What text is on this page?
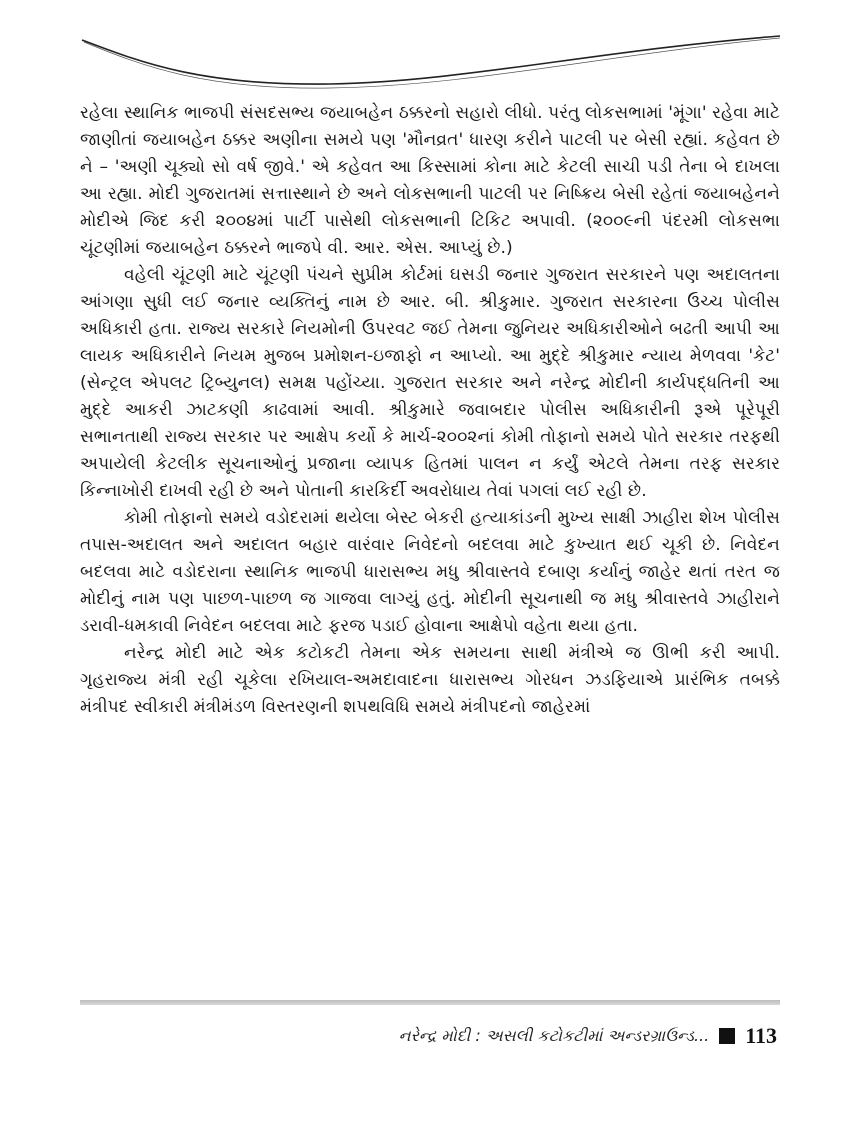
રહેલા સ્થાનિક ભાજપી સંસદસભ્ય જયાબહેન ઠક્કરનો સહારો લીધો. પરંતુ લોકસભામાં 'મૂંગા' રહેવા માટે જાણીતાં જયાબહેન ઠક્કર અણીના સમયે પણ 'મૌનવ્રત' ધારણ કરીને પાટલી પર બેસી રહ્યાં. કહેવત છે ને – 'અણી ચૂક્યો સો વર્ષ જીવે.' એ કહેવત આ કિસ્સામાં કોના માટે કેટલી સાચી પડી તેના બે દાખલા આ રહ્યા. મોદી ગુજરાતમાં સત્તાસ્થાને છે અને લોકસભાની પાટલી પર નિષ્ક્રિય બેસી રહેતાં જયાબહેનને મોદીએ જિદ કરી ૨૦૦૪માં પાર્ટી પાસેથી લોકસભાની ટિકિટ અપાવી. (૨૦૦૯ની પંદરમી લોકસભા ચૂંટણીમાં જયાબહેન ઠક્કરને ભાજપે વી. આર. એસ. આપ્યું છે.)

વહેલી ચૂંટણી માટે ચૂંટણી પંચને સુપ્રીમ કોર્ટમાં ઘસડી જનાર ગુજરાત સરકારને પણ અદાલતના આંગણા સુધી લઈ જનાર વ્યક્તિનું નામ છે આર. બી. શ્રીકુમાર. ગુજરાત સરકારના ઉચ્ચ પોલીસ અધિકારી હતા. રાજ્ય સરકારે નિયમોની ઉપરવટ જઈ તેમના જુનિયર અધિકારીઓને બઢતી આપી આ લાયક અધિકારીને નિયમ મુજબ પ્રમોશન-ઇજાફો ન આપ્યો. આ મુદ્દે શ્રીકુમાર ન્યાય મેળવવા 'કેટ' (સેન્ટ્રલ એપલટ ટ્રિબ્યુનલ) સમક્ષ પહોંચ્યા. ગુજરાત સરકાર અને નરેન્દ્ર મોદીની કાર્યપદ્ધતિની આ મુદ્દે આકરી ઝાટકણી કાઢવામાં આવી. શ્રીકુમારે જવાબદાર પોલીસ અધિકારીની રૂએ પૂરેપૂરી સભાનતાથી રાજ્ય સરકાર પર આક્ષેપ કર્યો કે માર્ચ-૨૦૦૨નાં કોમી તોફાનો સમયે પોતે સરકાર તરફથી અપાયેલી કેટલીક સૂચનાઓનું પ્રજાના વ્યાપક હિતમાં પાલન ન કર્યું એટલે તેમના તરફ સરકાર કિન્નાખોરી દાખવી રહી છે અને પોતાની કારકિર્દી અવરોધાય તેવાં પગલાં લઈ રહી છે.

કોમી તોફાનો સમયે વડોદરામાં થયેલા બેસ્ટ બેકરી હત્યાકાંડની મુખ્ય સાક્ષી ઝાહીરા શેખ પોલીસ તપાસ-અદાલત અને અદાલત બહાર વારંવાર નિવેદનો બદલવા માટે કુખ્યાત થઈ ચૂકી છે. નિવેદન બદલવા માટે વડોદરાના સ્થાનિક ભાજપી ધારાસભ્ય મધુ શ્રીવાસ્તવે દબાણ કર્યાનું જાહેર થતાં તરત જ મોદીનું નામ પણ પાછળ-પાછળ જ ગાજવા લાગ્યું હતું. મોદીની સૂચનાથી જ મધુ શ્રીવાસ્તવે ઝાહીરાને ડરાવી-ધમકાવી નિવેદન બદલવા માટે ફરજ પડાઈ હોવાના આક્ષેપો વહેતા થયા હતા.

નરેન્દ્ર મોદી માટે એક કટોકટી તેમના એક સમયના સાથી મંત્રીએ જ ઊભી કરી આપી. ગૃહરાજ્ય મંત્રી રહી ચૂકેલા રખિયાલ-અમદાવાદના ધારાસભ્ય ગોરધન ઝડફિયાએ પ્રારંભિક તબક્કે મંત્રીપદ સ્વીકારી મંત્રીમંડળ વિસ્તરણની શપથવિધિ સમયે મંત્રીપદનો જાહેરમાં

નરેન્દ્ર મોદી : અસલી કટોકટીમાં અન્ડરગ્રાઉન્ડ... 113
